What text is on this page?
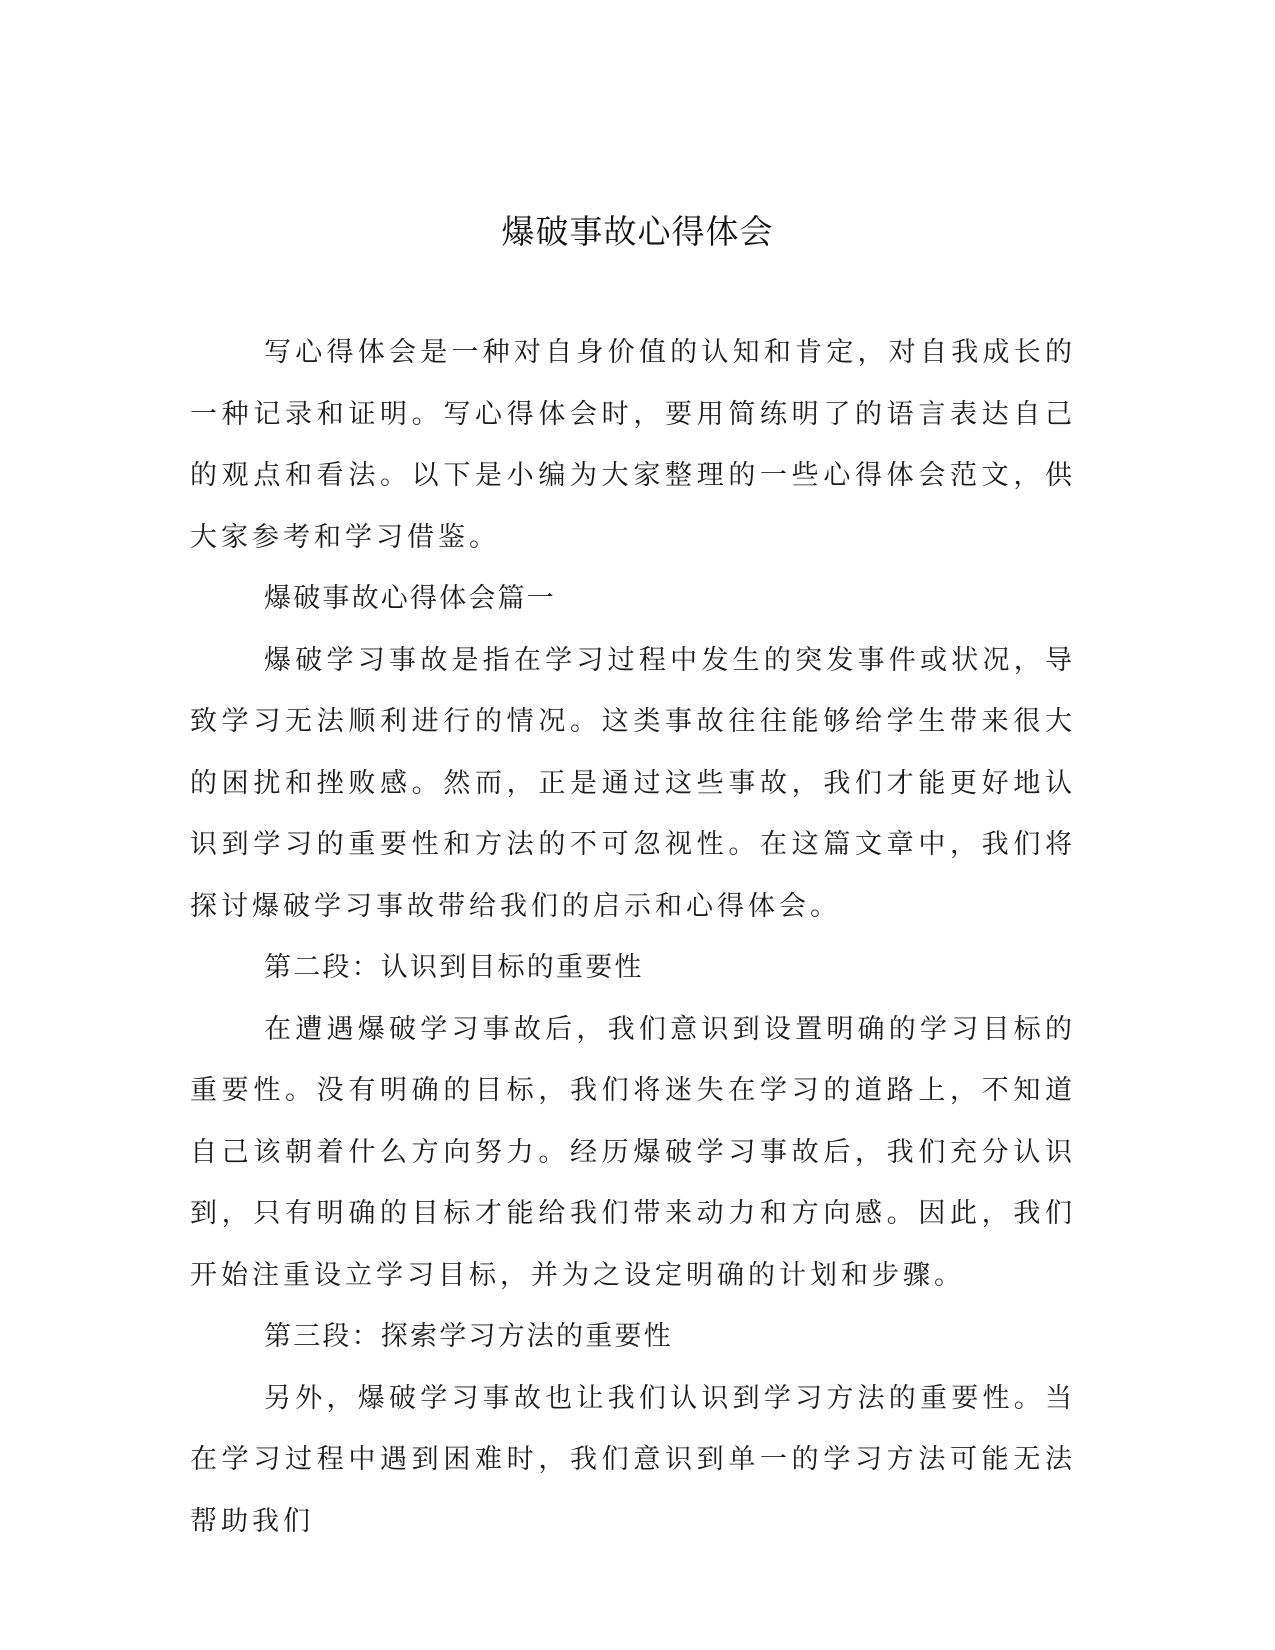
爆破事故心得体会

写心得体会是一种对自身价值的认知和肯定，对自我成长的一种记录和证明。写心得体会时，要用简练明了的语言表达自己的观点和看法。以下是小编为大家整理的一些心得体会范文，供大家参考和学习借鉴。

爆破事故心得体会篇一

爆破学习事故是指在学习过程中发生的突发事件或状况，导致学习无法顺利进行的情况。这类事故往往能够给学生带来很大的困扰和挫败感。然而，正是通过这些事故，我们才能更好地认识到学习的重要性和方法的不可忽视性。在这篇文章中，我们将探讨爆破学习事故带给我们的启示和心得体会。

第二段：认识到目标的重要性

在遭遇爆破学习事故后，我们意识到设置明确的学习目标的重要性。没有明确的目标，我们将迷失在学习的道路上，不知道自己该朝着什么方向努力。经历爆破学习事故后，我们充分认识到，只有明确的目标才能给我们带来动力和方向感。因此，我们开始注重设立学习目标，并为之设定明确的计划和步骤。

第三段：探索学习方法的重要性

另外，爆破学习事故也让我们认识到学习方法的重要性。当在学习过程中遇到困难时，我们意识到单一的学习方法可能无法帮助我们
